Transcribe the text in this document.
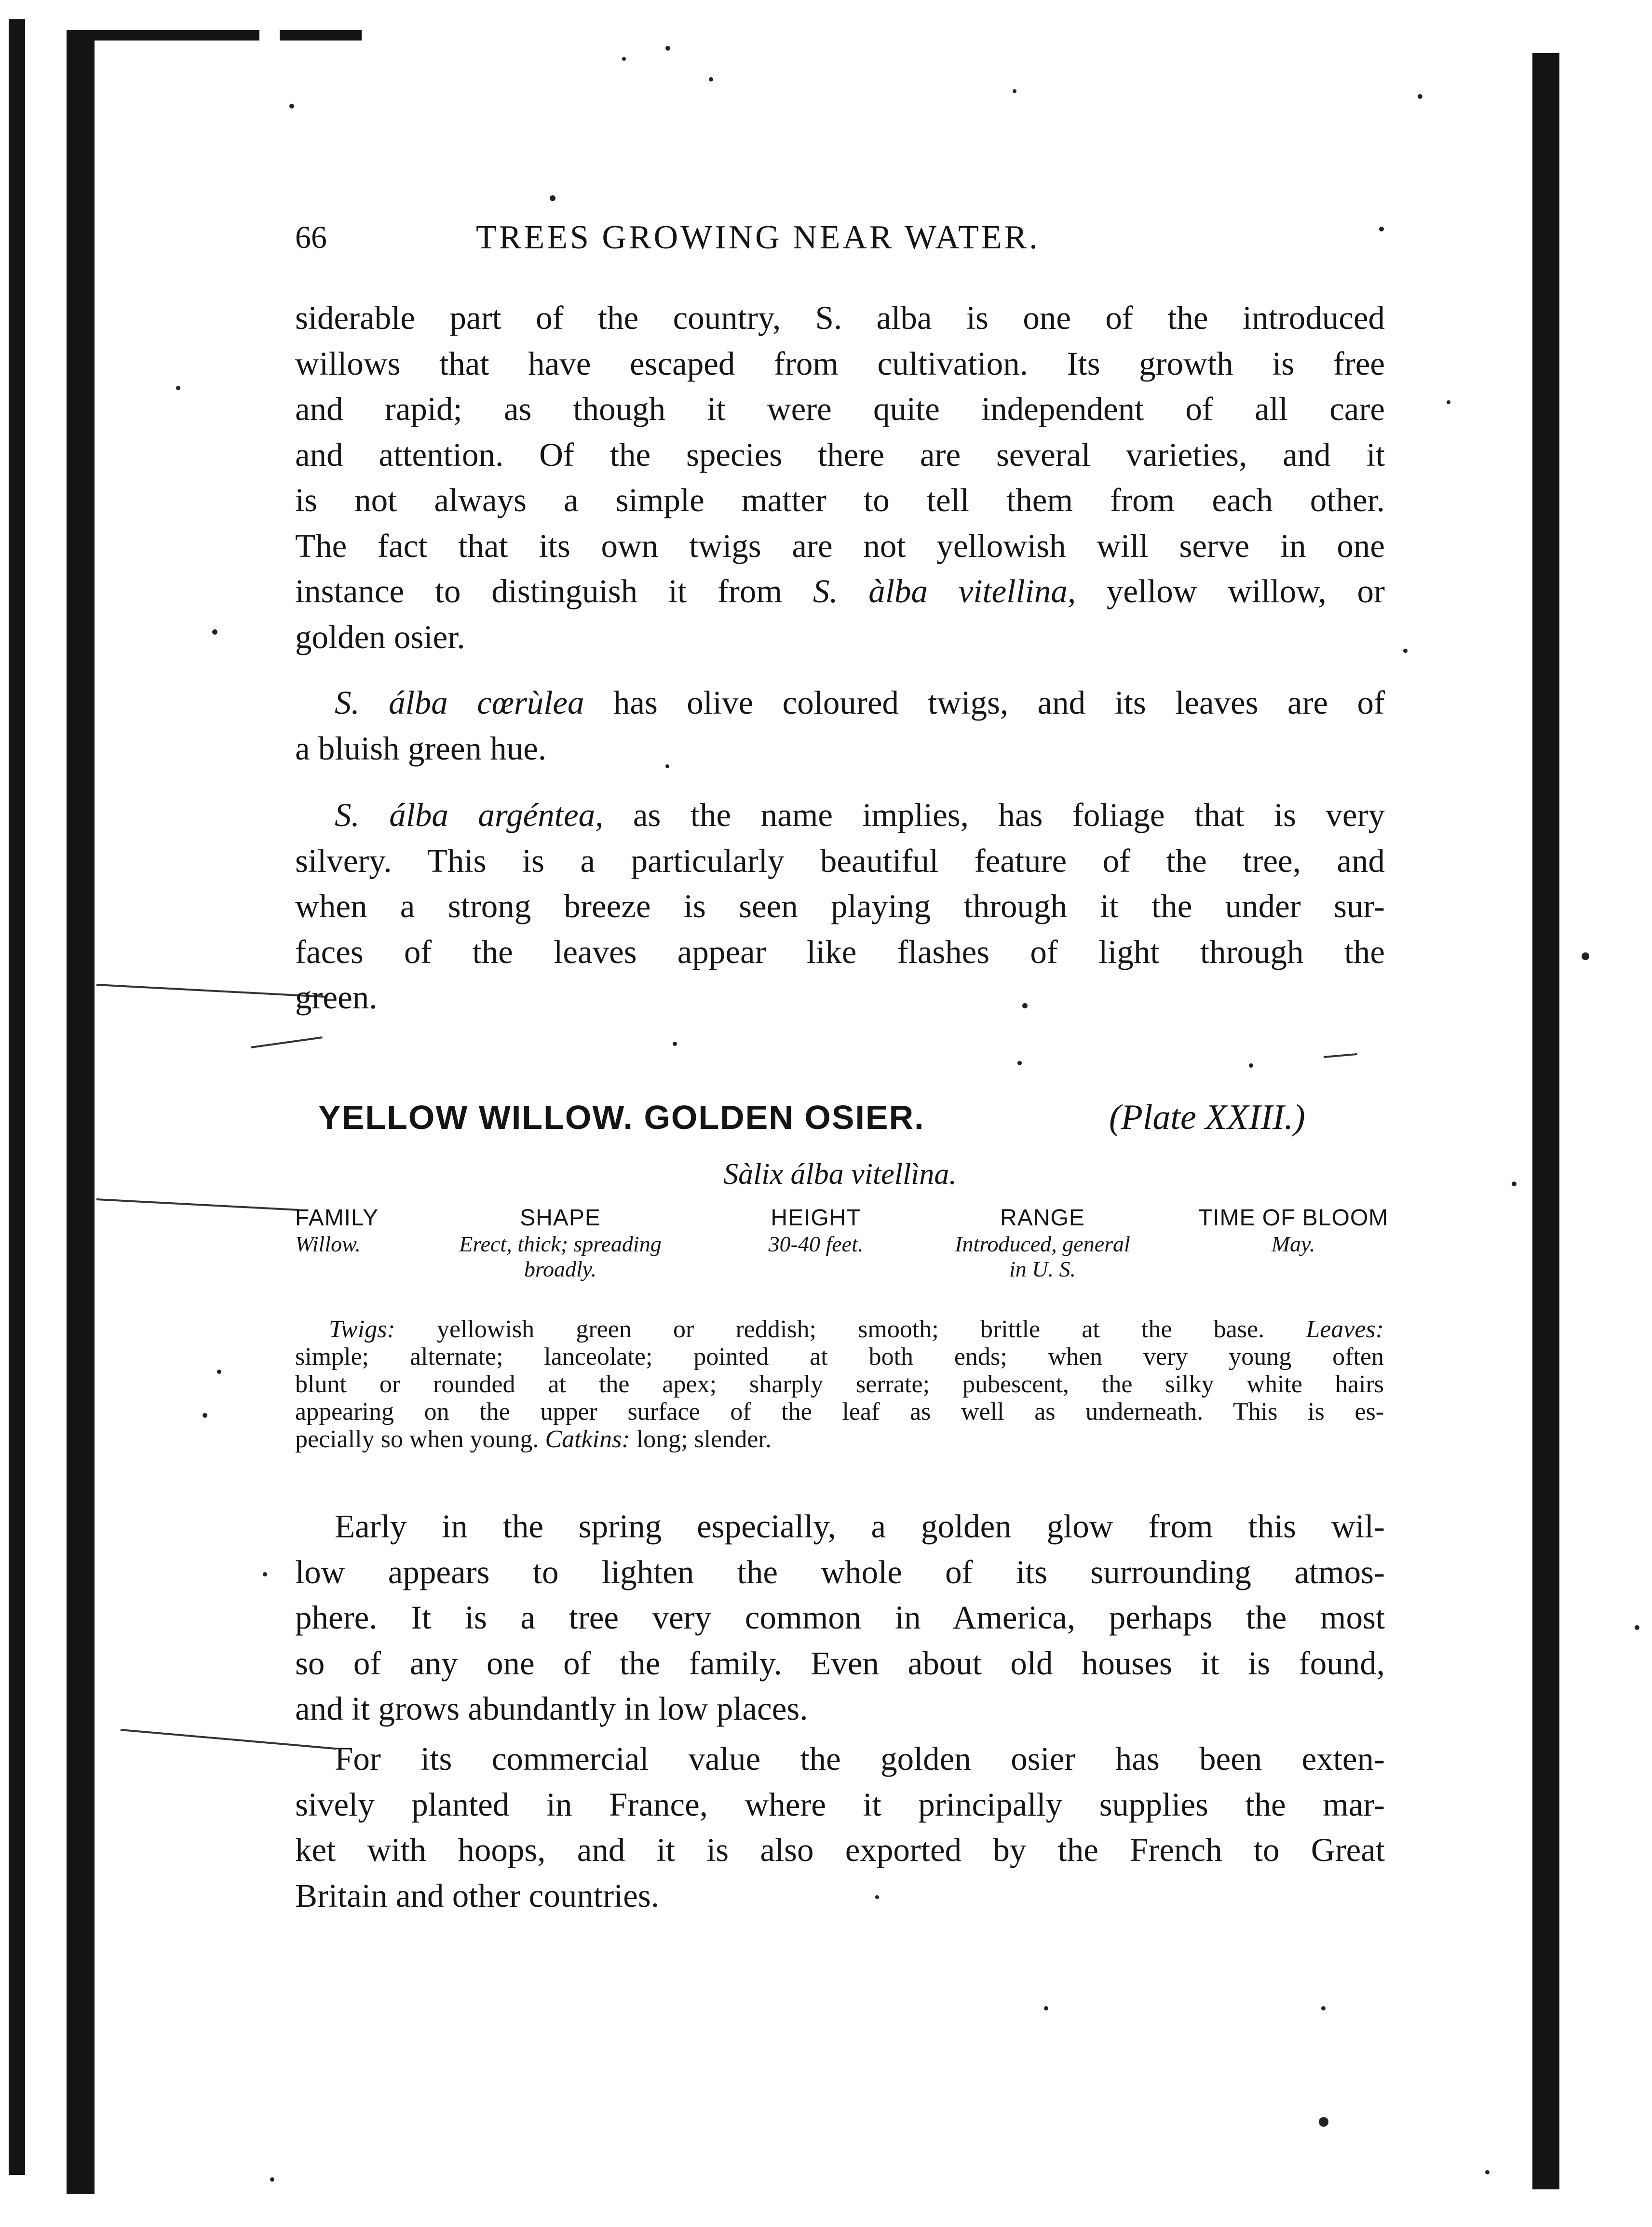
66	TREES GROWING NEAR WATER.
siderable part of the country, S. alba is one of the introduced
willows that have escaped from cultivation. Its growth is free
and rapid; as though it were quite independent of all care
and attention. Of the species there are several varieties, and it
is not always a simple matter to tell them from each other.
The fact that its own twigs are not yellowish will serve in one
instance to distinguish it from S. àlba vitellina, yellow willow, or
golden osier.
S. álba cœrùlea has olive coloured twigs, and its leaves are of
a bluish green hue.
S. álba argéntea, as the name implies, has foliage that is very
silvery. This is a particularly beautiful feature of the tree, and
when a strong breeze is seen playing through it the under sur-
faces of the leaves appear like flashes of light through the
green.
YELLOW WILLOW. GOLDEN OSIER.	(Plate XXIII.)
Sàlix álba vitellìna.
FAMILY
Willow.
SHAPE
Erect, thick; spreading
broadly.
HEIGHT
30-40 feet.
RANGE
Introduced, general
in U. S.
TIME OF BLOOM
May.
Twigs: yellowish green or reddish; smooth; brittle at the base. Leaves:
simple; alternate; lanceolate; pointed at both ends; when very young often
blunt or rounded at the apex; sharply serrate; pubescent, the silky white hairs
appearing on the upper surface of the leaf as well as underneath. This is es-
pecially so when young. Catkins: long; slender.
Early in the spring especially, a golden glow from this wil-
low appears to lighten the whole of its surrounding atmos-
phere. It is a tree very common in America, perhaps the most
so of any one of the family. Even about old houses it is found,
and it grows abundantly in low places.
For its commercial value the golden osier has been exten-
sively planted in France, where it principally supplies the mar-
ket with hoops, and it is also exported by the French to Great
Britain and other countries.
